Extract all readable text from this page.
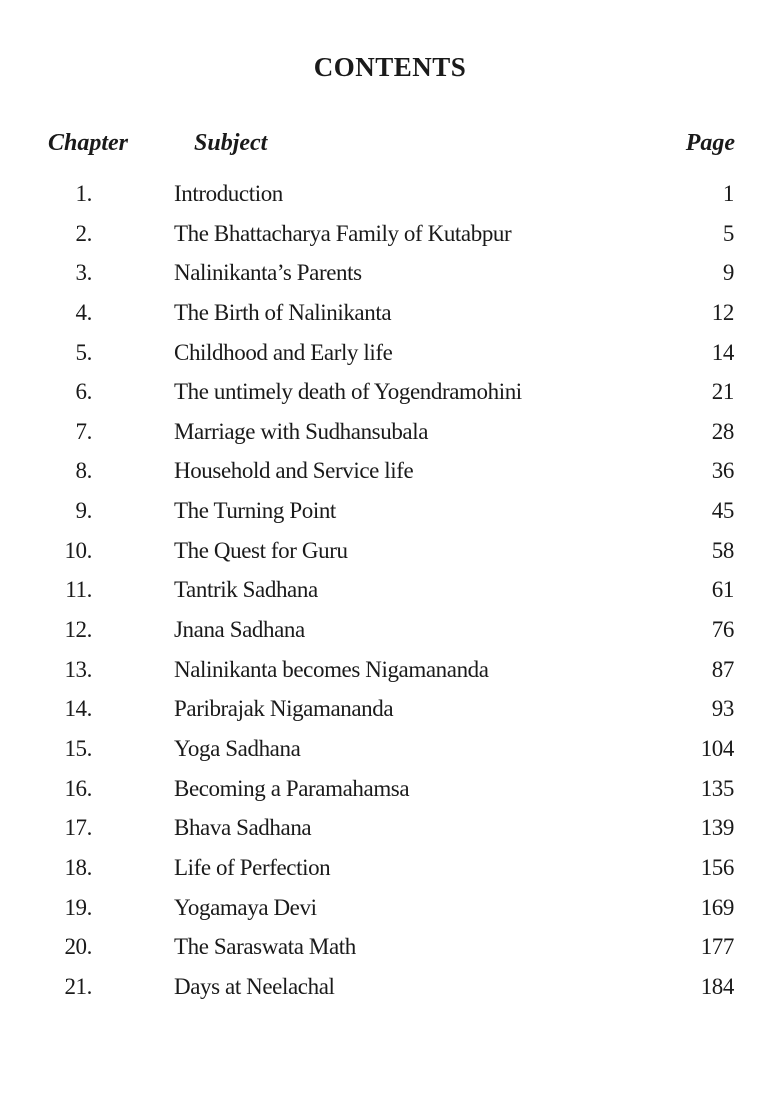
CONTENTS
Chapter	Subject	Page
1.	Introduction	1
2.	The Bhattacharya Family of Kutabpur	5
3.	Nalinikanta’s Parents	9
4.	The Birth of Nalinikanta	12
5.	Childhood and Early life	14
6.	The untimely death of Yogendramohini	21
7.	Marriage with Sudhansubala	28
8.	Household and Service life	36
9.	The Turning Point	45
10.	The Quest for Guru	58
11.	Tantrik Sadhana	61
12.	Jnana Sadhana	76
13.	Nalinikanta becomes Nigamananda	87
14.	Paribrajak Nigamananda	93
15.	Yoga Sadhana	104
16.	Becoming a Paramahamsa	135
17.	Bhava Sadhana	139
18.	Life of Perfection	156
19.	Yogamaya Devi	169
20.	The Saraswata Math	177
21.	Days at Neelachal	184
